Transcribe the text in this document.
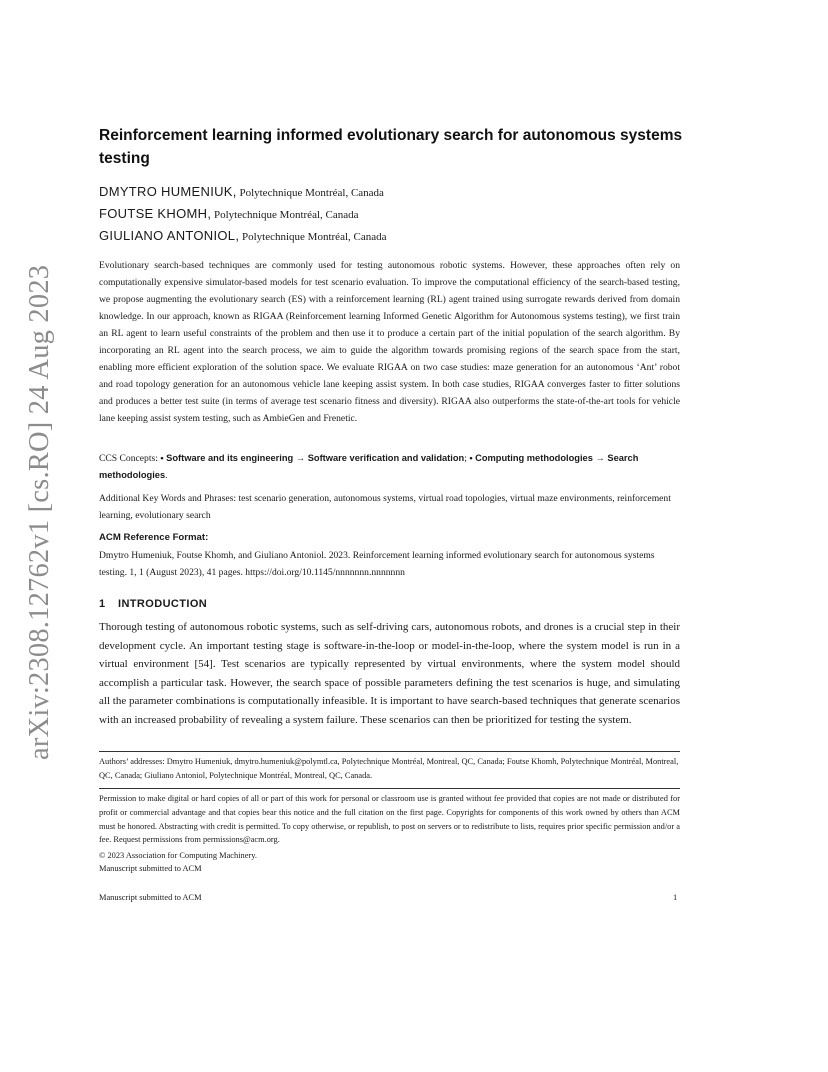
arXiv:2308.12762v1 [cs.RO] 24 Aug 2023
Reinforcement learning informed evolutionary search for autonomous systems testing
DMYTRO HUMENIUK, Polytechnique Montréal, Canada
FOUTSE KHOMH, Polytechnique Montréal, Canada
GIULIANO ANTONIOL, Polytechnique Montréal, Canada
Evolutionary search-based techniques are commonly used for testing autonomous robotic systems. However, these approaches often rely on computationally expensive simulator-based models for test scenario evaluation. To improve the computational efficiency of the search-based testing, we propose augmenting the evolutionary search (ES) with a reinforcement learning (RL) agent trained using surrogate rewards derived from domain knowledge. In our approach, known as RIGAA (Reinforcement learning Informed Genetic Algorithm for Autonomous systems testing), we first train an RL agent to learn useful constraints of the problem and then use it to produce a certain part of the initial population of the search algorithm. By incorporating an RL agent into the search process, we aim to guide the algorithm towards promising regions of the search space from the start, enabling more efficient exploration of the solution space. We evaluate RIGAA on two case studies: maze generation for an autonomous ‘Ant’ robot and road topology generation for an autonomous vehicle lane keeping assist system. In both case studies, RIGAA converges faster to fitter solutions and produces a better test suite (in terms of average test scenario fitness and diversity). RIGAA also outperforms the state-of-the-art tools for vehicle lane keeping assist system testing, such as AmbieGen and Frenetic.
CCS Concepts: • Software and its engineering → Software verification and validation; • Computing methodologies → Search methodologies.
Additional Key Words and Phrases: test scenario generation, autonomous systems, virtual road topologies, virtual maze environments, reinforcement learning, evolutionary search
ACM Reference Format:
Dmytro Humeniuk, Foutse Khomh, and Giuliano Antoniol. 2023. Reinforcement learning informed evolutionary search for autonomous systems testing. 1, 1 (August 2023), 41 pages. https://doi.org/10.1145/nnnnnnn.nnnnnnn
1 INTRODUCTION
Thorough testing of autonomous robotic systems, such as self-driving cars, autonomous robots, and drones is a crucial step in their development cycle. An important testing stage is software-in-the-loop or model-in-the-loop, where the system model is run in a virtual environment [54]. Test scenarios are typically represented by virtual environments, where the system model should accomplish a particular task. However, the search space of possible parameters defining the test scenarios is huge, and simulating all the parameter combinations is computationally infeasible. It is important to have search-based techniques that generate scenarios with an increased probability of revealing a system failure. These scenarios can then be prioritized for testing the system.
Authors’ addresses: Dmytro Humeniuk, dmytro.humeniuk@polymtl.ca, Polytechnique Montréal, Montreal, QC, Canada; Foutse Khomh, Polytechnique Montréal, Montreal, QC, Canada; Giuliano Antoniol, Polytechnique Montréal, Montreal, QC, Canada.
Permission to make digital or hard copies of all or part of this work for personal or classroom use is granted without fee provided that copies are not made or distributed for profit or commercial advantage and that copies bear this notice and the full citation on the first page. Copyrights for components of this work owned by others than ACM must be honored. Abstracting with credit is permitted. To copy otherwise, or republish, to post on servers or to redistribute to lists, requires prior specific permission and/or a fee. Request permissions from permissions@acm.org.
© 2023 Association for Computing Machinery.
Manuscript submitted to ACM
Manuscript submitted to ACM	1
